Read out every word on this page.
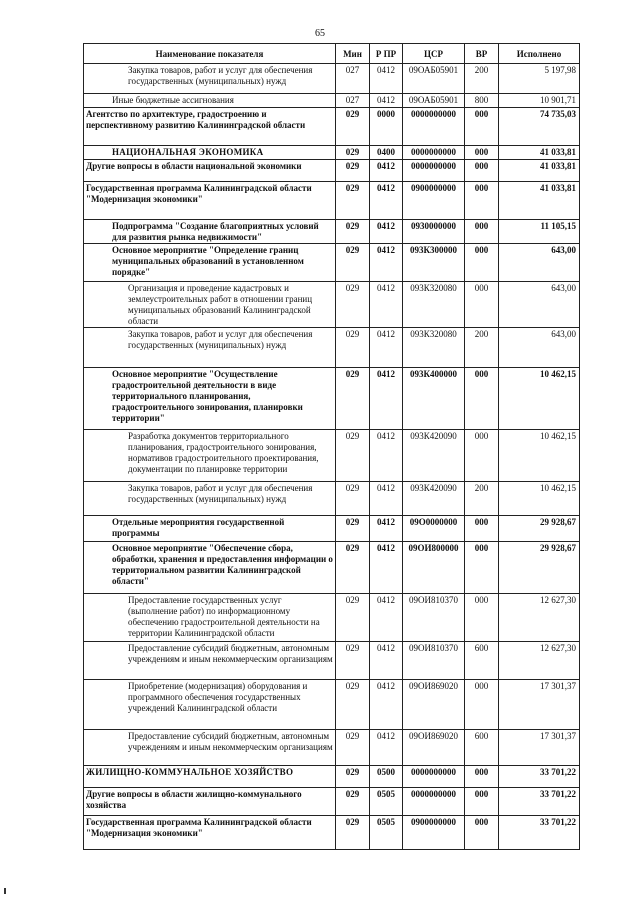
65
Наименование показателя	Мин	Р ПР	ЦСР	ВР	Исполнено
Закупка товаров, работ и услуг для обеспечения государственных (муниципальных) нужд	027	0412	09ОАБ05901	200	5 197,98
Иные бюджетные ассигнования	027	0412	09ОАБ05901	800	10 901,71
Агентство по архитектуре, градостроению и перспективному развитию Калининградской области	029	0000	0000000000	000	74 735,03
НАЦИОНАЛЬНАЯ ЭКОНОМИКА	029	0400	0000000000	000	41 033,81
Другие вопросы в области национальной экономики	029	0412	0000000000	000	41 033,81
Государственная программа Калининградской области "Модернизация экономики"	029	0412	0900000000	000	41 033,81
Подпрограмма "Создание благоприятных условий для развития рынка недвижимости"	029	0412	0930000000	000	11 105,15
Основное мероприятие "Определение границ муниципальных образований в установленном порядке"	029	0412	093К300000	000	643,00
Организация и проведение кадастровых и землеустроительных работ в отношении границ муниципальных образований Калининградской области	029	0412	093К320080	000	643,00
Закупка товаров, работ и услуг для обеспечения государственных (муниципальных) нужд	029	0412	093К320080	200	643,00
Основное мероприятие "Осуществление градостроительной деятельности в виде территориального планирования, градостроительного зонирования, планировки территории"	029	0412	093К400000	000	10 462,15
Разработка документов территориального планирования, градостроительного зонирования, нормативов градостроительного проектирования, документации по планировке территории	029	0412	093К420090	000	10 462,15
Закупка товаров, работ и услуг для обеспечения государственных (муниципальных) нужд	029	0412	093К420090	200	10 462,15
Отдельные мероприятия государственной программы	029	0412	09О0000000	000	29 928,67
Основное мероприятие "Обеспечение сбора, обработки, хранения и предоставления информации о территориальном развитии Калининградской области"	029	0412	09ОИ800000	000	29 928,67
Предоставление государственных услуг (выполнение работ) по информационному обеспечению градостроительной деятельности на территории Калининградской области	029	0412	09ОИ810370	000	12 627,30
Предоставление субсидий бюджетным, автономным учреждениям и иным некоммерческим организациям	029	0412	09ОИ810370	600	12 627,30
Приобретение (модернизация) оборудования и программного обеспечения государственных учреждений Калининградской области	029	0412	09ОИ869020	000	17 301,37
Предоставление субсидий бюджетным, автономным учреждениям и иным некоммерческим организациям	029	0412	09ОИ869020	600	17 301,37
ЖИЛИЩНО-КОММУНАЛЬНОЕ ХОЗЯЙСТВО	029	0500	0000000000	000	33 701,22
Другие вопросы в области жилищно-коммунального хозяйства	029	0505	0000000000	000	33 701,22
Государственная программа Калининградской области "Модернизация экономики"	029	0505	0900000000	000	33 701,22
